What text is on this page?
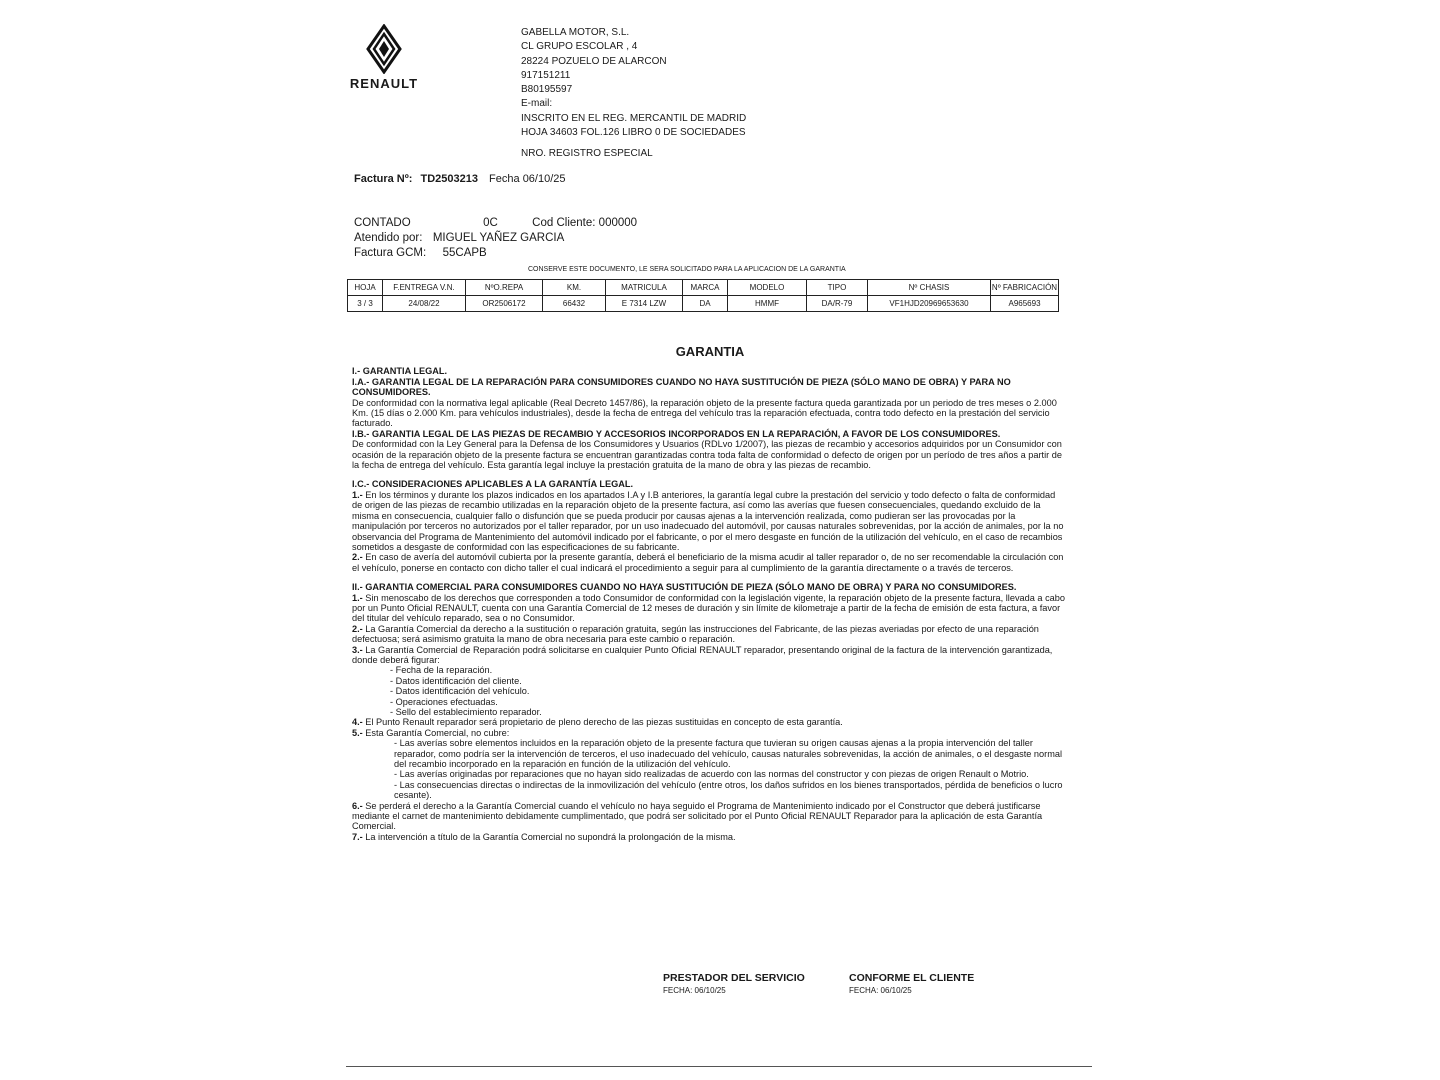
RENAULT
GABELLA MOTOR, S.L.
CL GRUPO ESCOLAR , 4
28224 POZUELO DE ALARCON
917151211
B80195597
E-mail:
INSCRITO EN EL REG. MERCANTIL DE MADRID
HOJA 34603 FOL.126 LIBRO 0 DE SOCIEDADES
NRO. REGISTRO ESPECIAL
Factura Nº: TD2503213 Fecha 06/10/25
CONTADO	0C	Cod Cliente: 000000
Atendido por: MIGUEL YAÑEZ GARCIA
Factura GCM: 55CAPB
CONSERVE ESTE DOCUMENTO, LE SERA SOLICITADO PARA LA APLICACION DE LA GARANTIA
HOJA	F.ENTREGA V.N.	NºO.REPA	KM.	MATRICULA	MARCA	MODELO	TIPO	Nº CHASIS	Nº FABRICACIÓN
3 / 3	24/08/22	OR2506172	66432	E 7314 LZW	DA	HMMF	DA/R-79	VF1HJD20969653630	A965693
GARANTIA

I.- GARANTIA LEGAL.

I.A.- GARANTIA LEGAL DE LA REPARACIÓN PARA CONSUMIDORES CUANDO NO HAYA SUSTITUCIÓN DE PIEZA (SÓLO MANO DE OBRA) Y PARA NO CONSUMIDORES.

De conformidad con la normativa legal aplicable (Real Decreto 1457/86), la reparación objeto de la presente factura queda garantizada por un periodo de tres meses o 2.000 Km. (15 días o 2.000 Km. para vehículos industriales), desde la fecha de entrega del vehículo tras la reparación efectuada, contra todo defecto en la prestación del servicio facturado.

I.B.- GARANTIA LEGAL DE LAS PIEZAS DE RECAMBIO Y ACCESORIOS INCORPORADOS EN LA REPARACIÓN, A FAVOR DE LOS CONSUMIDORES.

De conformidad con la Ley General para la Defensa de los Consumidores y Usuarios (RDLvo 1/2007), las piezas de recambio y accesorios adquiridos por un Consumidor con ocasión de la reparación objeto de la presente factura se encuentran garantizadas contra toda falta de conformidad o defecto de origen por un período de tres años a partir de la fecha de entrega del vehículo. Esta garantía legal incluye la prestación gratuita de la mano de obra y las piezas de recambio.

I.C.- CONSIDERACIONES APLICABLES A LA GARANTÍA LEGAL.

1.- En los términos y durante los plazos indicados en los apartados I.A y I.B anteriores, la garantía legal cubre la prestación del servicio y todo defecto o falta de conformidad de origen de las piezas de recambio utilizadas en la reparación objeto de la presente factura, así como las averías que fuesen consecuenciales, quedando excluido de la misma en consecuencia, cualquier fallo o disfunción que se pueda producir por causas ajenas a la intervención realizada, como pudieran ser las provocadas por la manipulación por terceros no autorizados por el taller reparador, por un uso inadecuado del automóvil, por causas naturales sobrevenidas, por la acción de animales, por la no observancia del Programa de Mantenimiento del automóvil indicado por el fabricante, o por el mero desgaste en función de la utilización del vehículo, en el caso de recambios sometidos a desgaste de conformidad con las especificaciones de su fabricante.

2.- En caso de avería del automóvil cubierta por la presente garantía, deberá el beneficiario de la misma acudir al taller reparador o, de no ser recomendable la circulación con el vehículo, ponerse en contacto con dicho taller el cual indicará el procedimiento a seguir para al cumplimiento de la garantía directamente o a través de terceros.

II.- GARANTIA COMERCIAL PARA CONSUMIDORES CUANDO NO HAYA SUSTITUCIÓN DE PIEZA (SÓLO MANO DE OBRA) Y PARA NO CONSUMIDORES.

1.- Sin menoscabo de los derechos que corresponden a todo Consumidor de conformidad con la legislación vigente, la reparación objeto de la presente factura, llevada a cabo por un Punto Oficial RENAULT, cuenta con una Garantía Comercial de 12 meses de duración y sin límite de kilometraje a partir de la fecha de emisión de esta factura, a favor del titular del vehículo reparado, sea o no Consumidor.

2.- La Garantía Comercial da derecho a la sustitución o reparación gratuita, según las instrucciones del Fabricante, de las piezas averiadas por efecto de una reparación defectuosa; será asimismo gratuita la mano de obra necesaria para este cambio o reparación.

3.- La Garantía Comercial de Reparación podrá solicitarse en cualquier Punto Oficial RENAULT reparador, presentando original de la factura de la intervención garantizada, donde deberá figurar:

- Fecha de la reparación.

- Datos identificación del cliente.

- Datos identificación del vehículo.

- Operaciones efectuadas.

- Sello del establecimiento reparador.

4.- El Punto Renault reparador será propietario de pleno derecho de las piezas sustituidas en concepto de esta garantía.

5.- Esta Garantía Comercial, no cubre:

- Las averías sobre elementos incluidos en la reparación objeto de la presente factura que tuvieran su origen causas ajenas a la propia intervención del taller reparador, como podría ser la intervención de terceros, el uso inadecuado del vehículo, causas naturales sobrevenidas, la acción de animales, o el desgaste normal del recambio incorporado en la reparación en función de la utilización del vehículo.

- Las averías originadas por reparaciones que no hayan sido realizadas de acuerdo con las normas del constructor y con piezas de origen Renault o Motrio.

- Las consecuencias directas o indirectas de la inmovilización del vehículo (entre otros, los daños sufridos en los bienes transportados, pérdida de beneficios o lucro cesante).

6.- Se perderá el derecho a la Garantía Comercial cuando el vehículo no haya seguido el Programa de Mantenimiento indicado por el Constructor que deberá justificarse mediante el carnet de mantenimiento debidamente cumplimentado, que podrá ser solicitado por el Punto Oficial RENAULT Reparador para la aplicación de esta Garantía Comercial.

7.- La intervención a título de la Garantía Comercial no supondrá la prolongación de la misma.

PRESTADOR DEL SERVICIO
FECHA: 06/10/25
CONFORME EL CLIENTE
FECHA: 06/10/25
